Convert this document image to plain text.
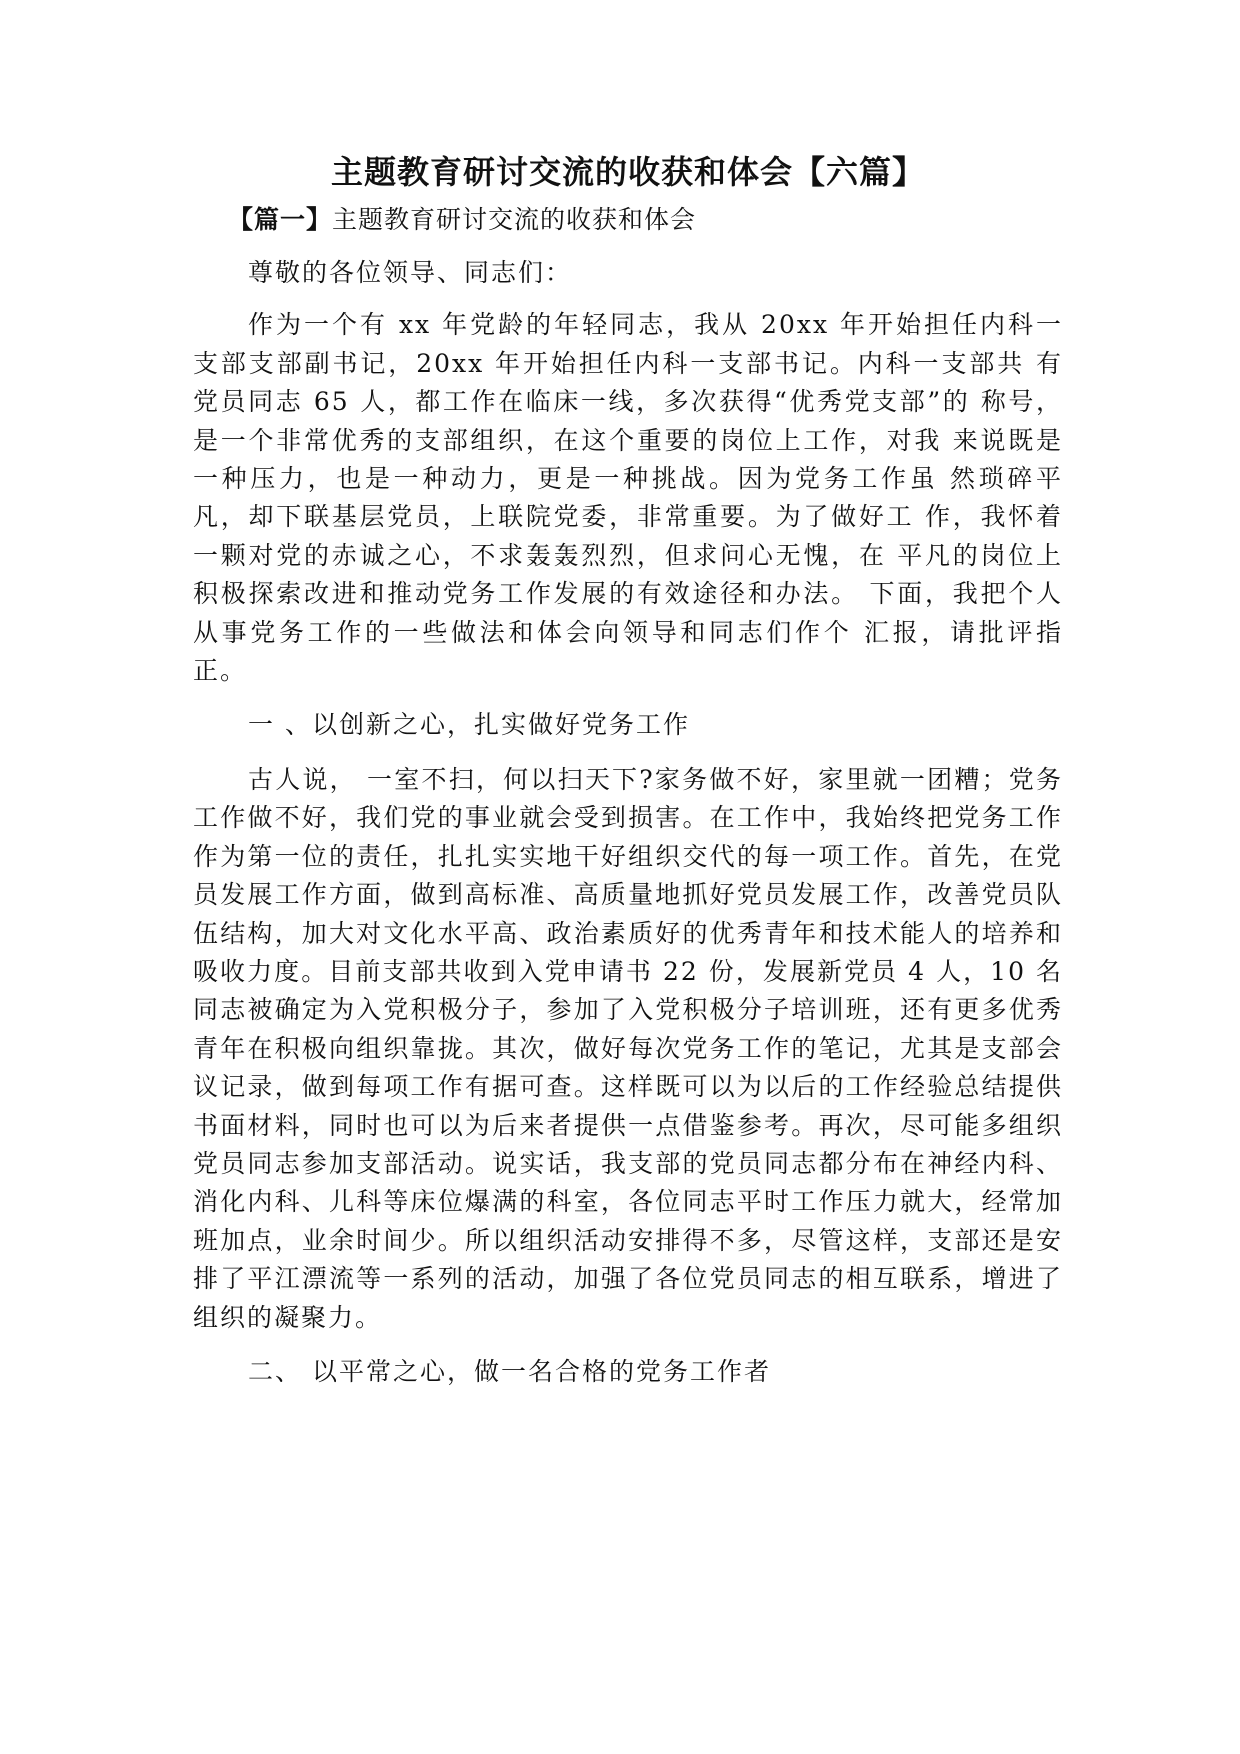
主题教育研讨交流的收获和体会【六篇】
【篇一】主题教育研讨交流的收获和体会

尊敬的各位领导、同志们：

作为一个有 xx 年党龄的年轻同志，我从 20xx 年开始担任内科一 支部支部副书记，20xx 年开始担任内科一支部书记。内科一支部共 有党员同志 65 人，都工作在临床一线，多次获得“优秀党支部”的 称号，是一个非常优秀的支部组织，在这个重要的岗位上工作，对我 来说既是一种压力，也是一种动力，更是一种挑战。因为党务工作虽 然琐碎平凡，却下联基层党员，上联院党委，非常重要。为了做好工 作，我怀着一颗对党的赤诚之心，不求轰轰烈烈，但求问心无愧，在 平凡的岗位上积极探索改进和推动党务工作发展的有效途径和办法。 下面，我把个人从事党务工作的一些做法和体会向领导和同志们作个 汇报，请批评指正。

一 、以创新之心，扎实做好党务工作

古人说， 一室不扫，何以扫天下?家务做不好，家里就一团糟；党务工作做不好，我们党的事业就会受到损害。在工作中，我始终把党务工作作为第一位的责任，扎扎实实地干好组织交代的每一项工作。首先，在党员发展工作方面，做到高标准、高质量地抓好党员发展工作，改善党员队伍结构，加大对文化水平高、政治素质好的优秀青年和技术能人的培养和吸收力度。目前支部共收到入党申请书 22 份，发展新党员 4 人，10 名同志被确定为入党积极分子，参加了入党积极分子培训班，还有更多优秀青年在积极向组织靠拢。其次，做好每次党务工作的笔记，尤其是支部会议记录，做到每项工作有据可查。这样既可以为以后的工作经验总结提供书面材料，同时也可以为后来者提供一点借鉴参考。再次，尽可能多组织党员同志参加支部活动。说实话，我支部的党员同志都分布在神经内科、消化内科、儿科等床位爆满的科室，各位同志平时工作压力就大，经常加班加点，业余时间少。所以组织活动安排得不多，尽管这样，支部还是安排了平江漂流等一系列的活动，加强了各位党员同志的相互联系，增进了组织的凝聚力。

二、 以平常之心，做一名合格的党务工作者
